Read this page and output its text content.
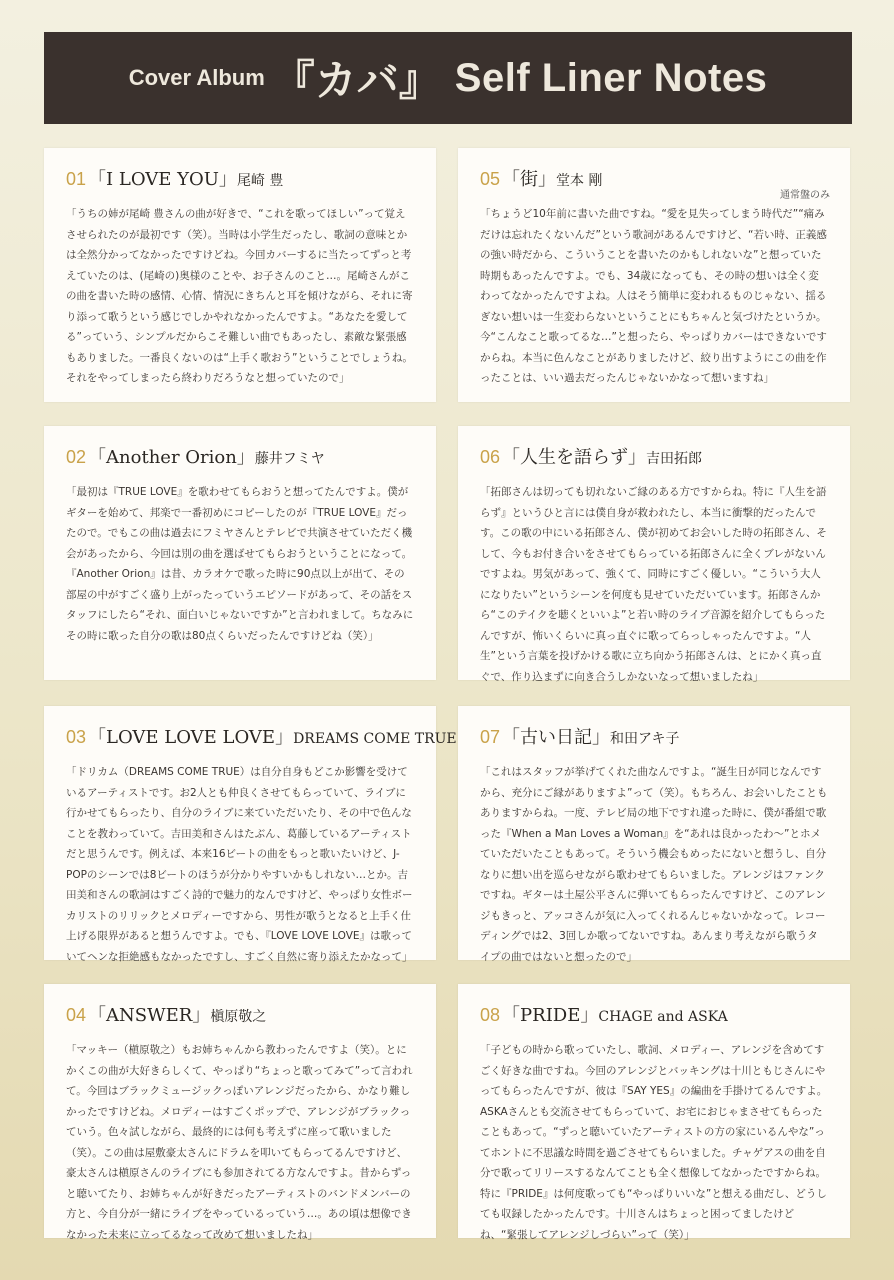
Cover Album 『カバ』 Self Liner Notes
01 「I LOVE YOU」尾崎 豊
「うちの姉が尾崎 豊さんの曲が好きで、“これを歌ってほしい”って覚えさせられたのが最初です（笑）。当時は小学生だったし、歌詞の意味とかは全然分かってなかったですけどね。今回カバーするに当たってずっと考えていたのは、(尾崎の)奥様のことや、お子さんのこと…。尾崎さんがこの曲を書いた時の感情、心情、情況にきちんと耳を傾けながら、それに寄り添って歌うという感じでしかやれなかったんですよ。“あなたを愛してる”っていう、シンプルだからこそ難しい曲でもあったし、素敵な緊張感もありました。一番良くないのは“上手く歌おう”ということでしょうね。それをやってしまったら終わりだろうなと想っていたので」
02 「Another Orion」藤井フミヤ
「最初は『TRUE LOVE』を歌わせてもらおうと想ってたんですよ。僕がギターを始めて、邦楽で一番初めにコピーしたのが『TRUE LOVE』だったので。でもこの曲は過去にフミヤさんとテレビで共演させていただく機会があったから、今回は別の曲を選ばせてもらおうということになって。『Another Orion』は昔、カラオケで歌った時に90点以上が出て、その部屋の中がすごく盛り上がったっていうエピソードがあって、その話をスタッフにしたら“それ、面白いじゃないですか”と言われまして。ちなみにその時に歌った自分の歌は80点くらいだったんですけどね（笑）」
03 「LOVE LOVE LOVE」DREAMS COME TRUE
「ドリカム（DREAMS COME TRUE）は自分自身もどこか影響を受けているアーティストです。お2人とも仲良くさせてもらっていて、ライブに行かせてもらったり、自分のライブに来ていただいたり、その中で色んなことを教わっていて。吉田美和さんはたぶん、葛藤しているアーティストだと思うんです。例えば、本来16ビートの曲をもっと歌いたいけど、J-POPのシーンでは8ビートのほうが分かりやすいかもしれない…とか。吉田美和さんの歌詞はすごく詩的で魅力的なんですけど、やっぱり女性ボーカリストのリリックとメロディーですから、男性が歌うとなると上手く仕上げる限界があると想うんですよ。でも、『LOVE LOVE LOVE』は歌っていてヘンな拒絶感もなかったですし、すごく自然に寄り添えたかなって」
04 「ANSWER」槇原敬之
「マッキー（槇原敬之）もお姉ちゃんから教わったんですよ（笑）。とにかくこの曲が大好きらしくて、やっぱり“ちょっと歌ってみて”って言われて。今回はブラックミュージックっぽいアレンジだったから、かなり難しかったですけどね。メロディーはすごくポップで、アレンジがブラックっていう。色々試しながら、最終的には何も考えずに座って歌いました（笑）。この曲は屋敷豪太さんにドラムを叩いてもらってるんですけど、豪太さんは槇原さんのライブにも参加されてる方なんですよ。昔からずっと聴いてたり、お姉ちゃんが好きだったアーティストのバンドメンバーの方と、今自分が一緒にライブをやっているっていう…。あの頃は想像できなかった未来に立ってるなって改めて想いましたね」
05 「街」堂本 剛
通常盤のみ
「ちょうど10年前に書いた曲ですね。“愛を見失ってしまう時代だ”“痛みだけは忘れたくないんだ”という歌詞があるんですけど、“若い時、正義感の強い時だから、こういうことを書いたのかもしれないな”と想っていた時期もあったんですよ。でも、34歳になっても、その時の想いは全く変わってなかったんですよね。人はそう簡単に変われるものじゃない、揺るぎない想いは一生変わらないということにもちゃんと気づけたというか。今“こんなこと歌ってるな…”と想ったら、やっぱりカバーはできないですからね。本当に色んなことがありましたけど、絞り出すようにこの曲を作ったことは、いい過去だったんじゃないかなって想いますね」
06 「人生を語らず」吉田拓郎
「拓郎さんは切っても切れないご縁のある方ですからね。特に『人生を語らず』というひと言には僕自身が救われたし、本当に衝撃的だったんです。この歌の中にいる拓郎さん、僕が初めてお会いした時の拓郎さん、そして、今もお付き合いをさせてもらっている拓郎さんに全くブレがないんですよね。男気があって、強くて、同時にすごく優しい。“こういう大人になりたい”というシーンを何度も見せていただいています。拓郎さんから“このテイクを聴くといいよ”と若い時のライブ音源を紹介してもらったんですが、怖いくらいに真っ直ぐに歌ってらっしゃったんですよ。“人生”という言葉を投げかける歌に立ち向かう拓郎さんは、とにかく真っ直ぐで、作り込まずに向き合うしかないなって想いましたね」
07 「古い日記」和田アキ子
「これはスタッフが挙げてくれた曲なんですよ。“誕生日が同じなんですから、充分にご縁がありますよ”って（笑）。もちろん、お会いしたこともありますからね。一度、テレビ局の地下ですれ違った時に、僕が番組で歌った『When a Man Loves a Woman』を“あれは良かったわ〜”とホメていただいたこともあって。そういう機会もめったにないと想うし、自分なりに想い出を巡らせながら歌わせてもらいました。アレンジはファンクですね。ギターは土屋公平さんに弾いてもらったんですけど、このアレンジもきっと、アッコさんが気に入ってくれるんじゃないかなって。レコーディングでは2、3回しか歌ってないですね。あんまり考えながら歌うタイプの曲ではないと想ったので」
08 「PRIDE」CHAGE and ASKA
「子どもの時から歌っていたし、歌詞、メロディー、アレンジを含めてすごく好きな曲ですね。今回のアレンジとバッキングは十川ともじさんにやってもらったんですが、彼は『SAY YES』の編曲を手掛けてるんですよ。ASKAさんとも交流させてもらっていて、お宅におじゃまさせてもらったこともあって。“ずっと聴いていたアーティストの方の家にいるんやな”ってホントに不思議な時間を過ごさせてもらいました。チャゲアスの曲を自分で歌ってリリースするなんてことも全く想像してなかったですからね。特に『PRIDE』は何度歌っても“やっぱりいいな”と想える曲だし、どうしても収録したかったんです。十川さんはちょっと困ってましたけどね、“緊張してアレンジしづらい”って（笑）」
